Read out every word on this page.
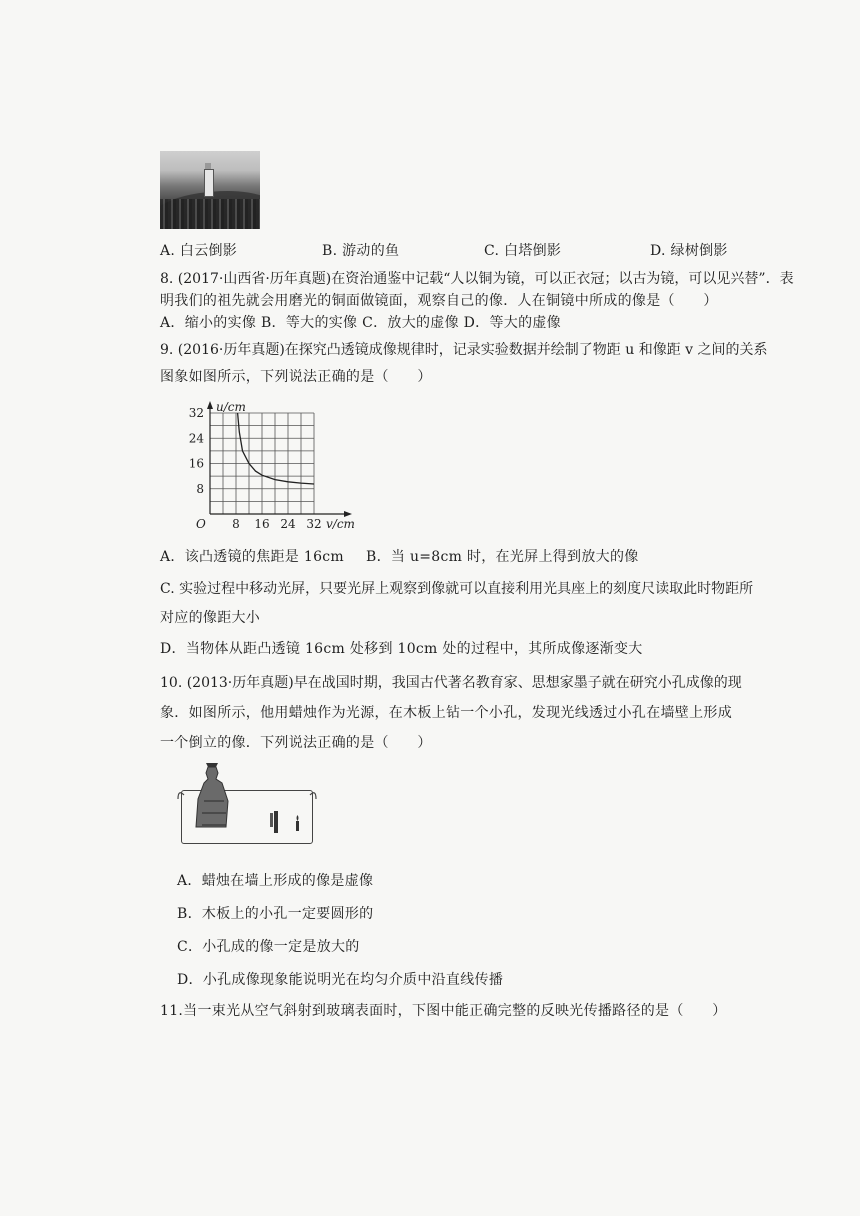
A. 白云倒影	B. 游动的鱼	C. 白塔倒影	D. 绿树倒影
8. (2017·山西省·历年真题)在资治通鉴中记载“人以铜为镜，可以正衣冠；以古为镜，可以见兴替”．表
明我们的祖先就会用磨光的铜面做镜面，观察自己的像．人在铜镜中所成的像是（　　）
A．缩小的实像 B．等大的实像 C．放大的虚像 D．等大的虚像
9. (2016·历年真题)在探究凸透镜成像规律时，记录实验数据并绘制了物距 u 和像距 v 之间的关系
图象如图所示，下列说法正确的是（　　）
8 16 24 32
8
16
24
32
O	v/cm
u/cm
A．该凸透镜的焦距是 16cm B．当 u=8cm 时，在光屏上得到放大的像
C. 实验过程中移动光屏，只要光屏上观察到像就可以直接利用光具座上的刻度尺读取此时物距所
对应的像距大小
D．当物体从距凸透镜 16cm 处移到 10cm 处的过程中，其所成像逐渐变大
10. (2013·历年真题)早在战国时期，我国古代著名教育家、思想家墨子就在研究小孔成像的现
象．如图所示，他用蜡烛作为光源，在木板上钻一个小孔，发现光线透过小孔在墙壁上形成
一个倒立的像．下列说法正确的是（　　）
A．蜡烛在墙上形成的像是虚像
B．木板上的小孔一定要圆形的
C．小孔成的像一定是放大的
D．小孔成像现象能说明光在均匀介质中沿直线传播
11.当一束光从空气斜射到玻璃表面时，下图中能正确完整的反映光传播路径的是（　　）
